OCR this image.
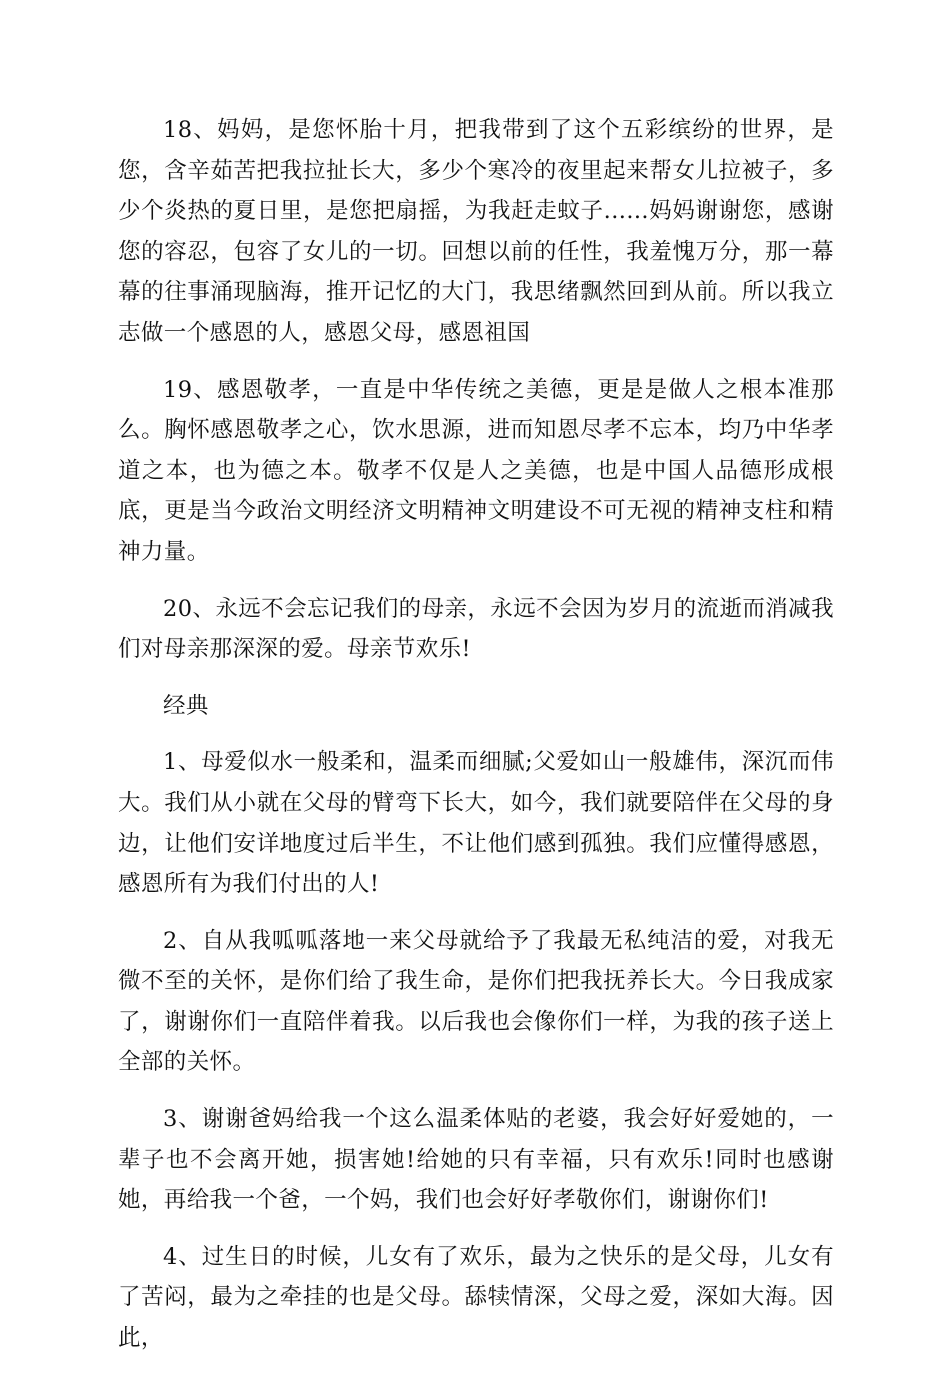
18、妈妈，是您怀胎十月，把我带到了这个五彩缤纷的世界，是您，含辛茹苦把我拉扯长大，多少个寒冷的夜里起来帮女儿拉被子，多少个炎热的夏日里，是您把扇摇，为我赶走蚊子......妈妈谢谢您，感谢您的容忍，包容了女儿的一切。回想以前的任性，我羞愧万分，那一幕幕的往事涌现脑海，推开记忆的大门，我思绪飘然回到从前。所以我立志做一个感恩的人，感恩父母，感恩祖国

19、感恩敬孝，一直是中华传统之美德，更是是做人之根本准那么。胸怀感恩敬孝之心，饮水思源，进而知恩尽孝不忘本，均乃中华孝道之本，也为德之本。敬孝不仅是人之美德，也是中国人品德形成根底，更是当今政治文明经济文明精神文明建设不可无视的精神支柱和精神力量。

20、永远不会忘记我们的母亲，永远不会因为岁月的流逝而消减我们对母亲那深深的爱。母亲节欢乐!

经典

1、母爱似水一般柔和，温柔而细腻;父爱如山一般雄伟，深沉而伟大。我们从小就在父母的臂弯下长大，如今，我们就要陪伴在父母的身边，让他们安详地度过后半生，不让他们感到孤独。我们应懂得感恩，感恩所有为我们付出的人!

2、自从我呱呱落地一来父母就给予了我最无私纯洁的爱，对我无微不至的关怀，是你们给了我生命，是你们把我抚养长大。今日我成家了，谢谢你们一直陪伴着我。以后我也会像你们一样，为我的孩子送上全部的关怀。

3、谢谢爸妈给我一个这么温柔体贴的老婆，我会好好爱她的，一辈子也不会离开她，损害她!给她的只有幸福，只有欢乐!同时也感谢她，再给我一个爸，一个妈，我们也会好好孝敬你们，谢谢你们!

4、过生日的时候，儿女有了欢乐，最为之快乐的是父母，儿女有了苦闷，最为之牵挂的也是父母。舔犊情深，父母之爱，深如大海。因此，
